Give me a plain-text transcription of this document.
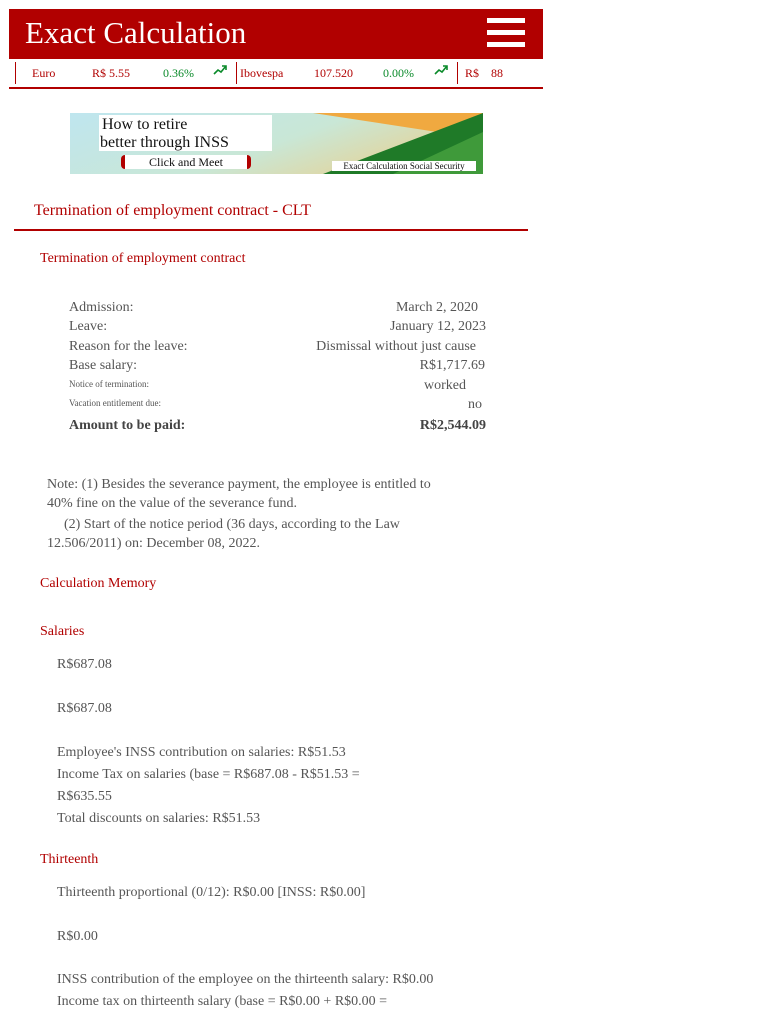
Exact Calculation
Euro	R$ 5.55	0.36%	Ibovespa	107.520	0.00%	R$ 88
How to retire
better through INSS
Click and Meet	Exact Calculation Social Security
Termination of employment contract - CLT
Termination of employment contract
Admission:	March 2, 2020
Leave:	January 12, 2023
Reason for the leave:	Dismissal without just cause
Base salary:	R$1,717.69
Notice of termination:	worked
Vacation entitlement due:	no
Amount to be paid:	R$2,544.09
Note: (1) Besides the severance payment, the employee is entitled to
40% fine on the value of the severance fund.
(2) Start of the notice period (36 days, according to the Law
12.506/2011) on: December 08, 2022.
Calculation Memory
Salaries
R$687.08
R$687.08
Employee's INSS contribution on salaries: R$51.53
Income Tax on salaries (base = R$687.08 - R$51.53 =
R$635.55
Total discounts on salaries: R$51.53
Thirteenth
Thirteenth proportional (0/12): R$0.00 [INSS: R$0.00]
R$0.00
INSS contribution of the employee on the thirteenth salary: R$0.00
Income tax on thirteenth salary (base = R$0.00 + R$0.00 =
